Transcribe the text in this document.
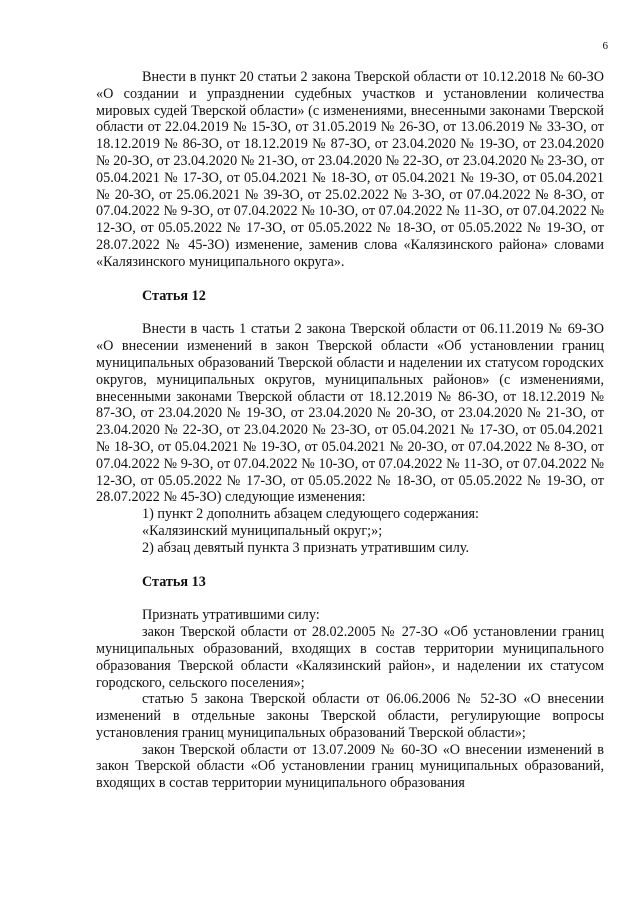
6

Внести в пункт 20 статьи 2 закона Тверской области от 10.12.2018 № 60-ЗО «О создании и упразднении судебных участков и установлении количества мировых судей Тверской области» (с изменениями, внесенными законами Тверской области от 22.04.2019 № 15-ЗО, от 31.05.2019 № 26-ЗО, от 13.06.2019 № 33-ЗО, от 18.12.2019 № 86-ЗО, от 18.12.2019 № 87-ЗО, от 23.04.2020 № 19-ЗО, от 23.04.2020 № 20-ЗО, от 23.04.2020 № 21-ЗО, от 23.04.2020 № 22-ЗО, от 23.04.2020 № 23-ЗО, от 05.04.2021 № 17-ЗО, от 05.04.2021 № 18-ЗО, от 05.04.2021 № 19-ЗО, от 05.04.2021 № 20-ЗО, от 25.06.2021 № 39-ЗО, от 25.02.2022 № 3-ЗО, от 07.04.2022 № 8-ЗО, от 07.04.2022 № 9-ЗО, от 07.04.2022 № 10-ЗО, от 07.04.2022 № 11-ЗО, от 07.04.2022 № 12-ЗО, от 05.05.2022 № 17-ЗО, от 05.05.2022 № 18-ЗО, от 05.05.2022 № 19-ЗО, от 28.07.2022 № 45-ЗО) изменение, заменив слова «Калязинского района» словами «Калязинского муниципального округа».

Статья 12

Внести в часть 1 статьи 2 закона Тверской области от 06.11.2019 № 69-ЗО «О внесении изменений в закон Тверской области «Об установлении границ муниципальных образований Тверской области и наделении их статусом городских округов, муниципальных округов, муниципальных районов» (с изменениями, внесенными законами Тверской области от 18.12.2019 № 86-ЗО, от 18.12.2019 № 87-ЗО, от 23.04.2020 № 19-ЗО, от 23.04.2020 № 20-ЗО, от 23.04.2020 № 21-ЗО, от 23.04.2020 № 22-ЗО, от 23.04.2020 № 23-ЗО, от 05.04.2021 № 17-ЗО, от 05.04.2021 № 18-ЗО, от 05.04.2021 № 19-ЗО, от 05.04.2021 № 20-ЗО, от 07.04.2022 № 8-ЗО, от 07.04.2022 № 9-ЗО, от 07.04.2022 № 10-ЗО, от 07.04.2022 № 11-ЗО, от 07.04.2022 № 12-ЗО, от 05.05.2022 № 17-ЗО, от 05.05.2022 № 18-ЗО, от 05.05.2022 № 19-ЗО, от 28.07.2022 № 45-ЗО) следующие изменения:

1) пункт 2 дополнить абзацем следующего содержания:

«Калязинский муниципальный округ;»;

2) абзац девятый пункта 3 признать утратившим силу.

Статья 13

Признать утратившими силу:

закон Тверской области от 28.02.2005 № 27-ЗО «Об установлении границ муниципальных образований, входящих в состав территории муниципального образования Тверской области «Калязинский район», и наделении их статусом городского, сельского поселения»;

статью 5 закона Тверской области от 06.06.2006 № 52-ЗО «О внесении изменений в отдельные законы Тверской области, регулирующие вопросы установления границ муниципальных образований Тверской области»;

закон Тверской области от 13.07.2009 № 60-ЗО «О внесении изменений в закон Тверской области «Об установлении границ муниципальных образований, входящих в состав территории муниципального образования
